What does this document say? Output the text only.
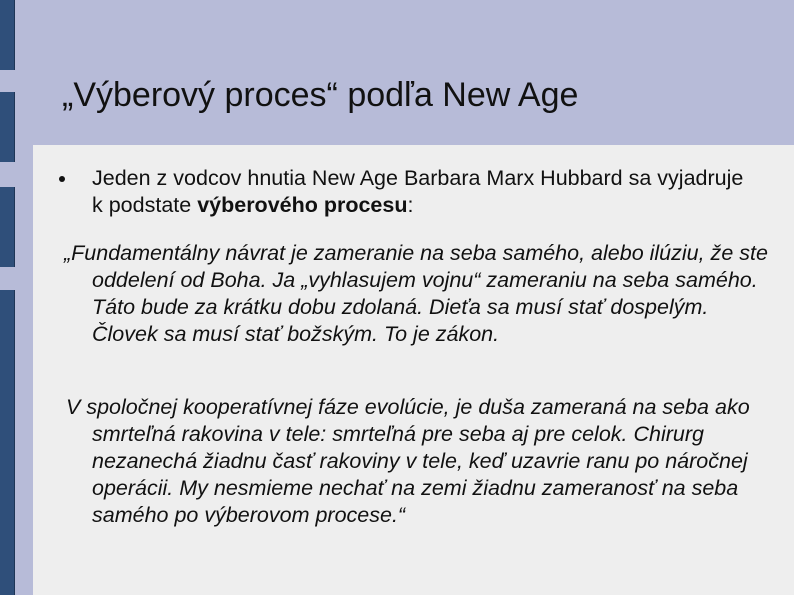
„Výberový proces“ podľa New Age
Jeden z vodcov hnutia New Age Barbara Marx Hubbard sa vyjadruje k podstate výberového procesu:
„Fundamentálny návrat je zameranie na seba samého, alebo ilúziu, že ste oddelení od Boha. Ja „vyhlasujem vojnu“ zameraniu na seba samého. Táto bude za krátku dobu zdolaná. Dieťa sa musí stať dospelým. Človek sa musí stať božským. To je zákon.
V spoločnej kooperatívnej fáze evolúcie, je duša zameraná na seba ako smrteľná rakovina v tele: smrteľná pre seba aj pre celok. Chirurg nezanechá žiadnu časť rakoviny v tele, keď uzavrie ranu po náročnej operácii. My nesmieme nechať na zemi žiadnu zameranosť na seba samého po výberovom procese.“
